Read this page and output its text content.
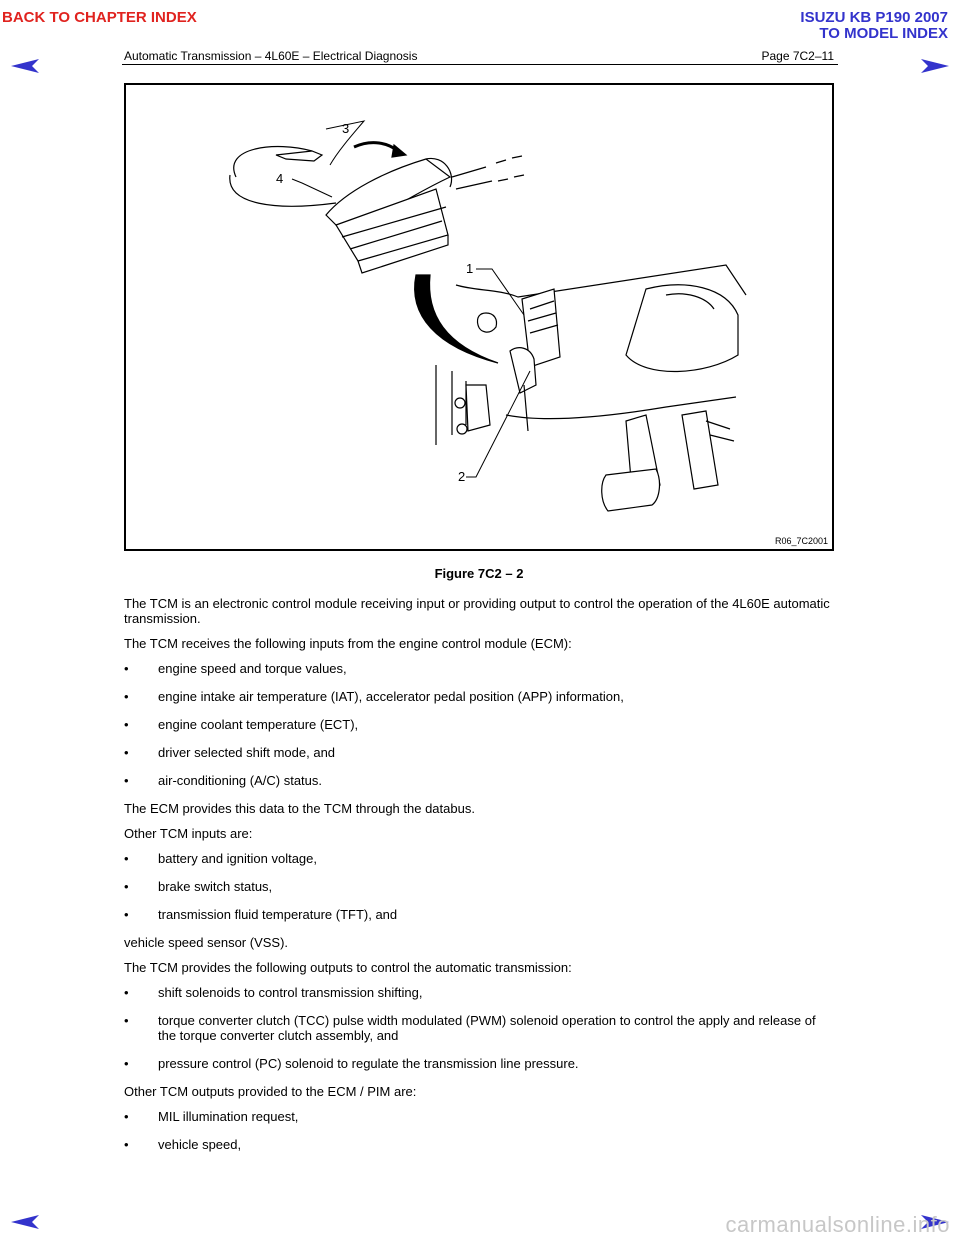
BACK TO CHAPTER INDEX	ISUZU KB P190 2007
TO MODEL INDEX
Automatic Transmission – 4L60E – Electrical Diagnosis	Page 7C2–11
3
4
1
2
R06_7C2001
Figure 7C2 – 2

The TCM is an electronic control module receiving input or providing output to control the operation of the 4L60E automatic transmission.

The TCM receives the following inputs from the engine control module (ECM):

• engine speed and torque values,
• engine intake air temperature (IAT), accelerator pedal position (APP) information,
• engine coolant temperature (ECT),
• driver selected shift mode, and
• air-conditioning (A/C) status.

The ECM provides this data to the TCM through the databus.

Other TCM inputs are:

• battery and ignition voltage,
• brake switch status,
• transmission fluid temperature (TFT), and

vehicle speed sensor (VSS).

The TCM provides the following outputs to control the automatic transmission:

• shift solenoids to control transmission shifting,
• torque converter clutch (TCC) pulse width modulated (PWM) solenoid operation to control the apply and release of the torque converter clutch assembly, and
• pressure control (PC) solenoid to regulate the transmission line pressure.

Other TCM outputs provided to the ECM / PIM are:

• MIL illumination request,
• vehicle speed,
carmanualsonline.info
